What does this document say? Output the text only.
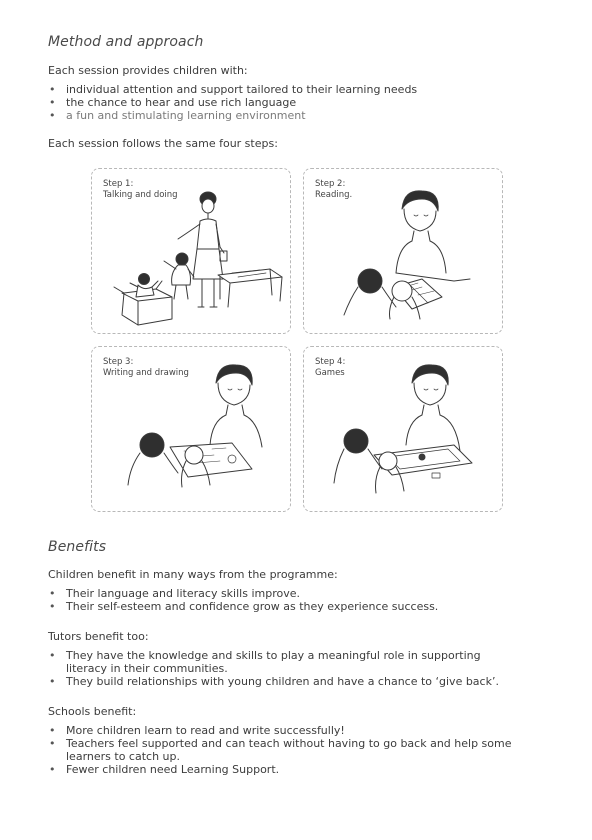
Method and approach

Each session provides children with:

• individual attention and support tailored to their learning needs
• the chance to hear and use rich language
• a fun and stimulating learning environment

Each session follows the same four steps:

Step 1:
Talking and doing
Step 2:
Reading.
Step 3:
Writing and drawing
Step 4:
Games
Benefits

Children benefit in many ways from the programme:

• Their language and literacy skills improve.
• Their self-esteem and confidence grow as they experience success.

Tutors benefit too:

• They have the knowledge and skills to play a meaningful role in supporting literacy in their communities.
• They build relationships with young children and have a chance to ‘give back’.

Schools benefit:

• More children learn to read and write successfully!
• Teachers feel supported and can teach without having to go back and help some learners to catch up.
• Fewer children need Learning Support.
